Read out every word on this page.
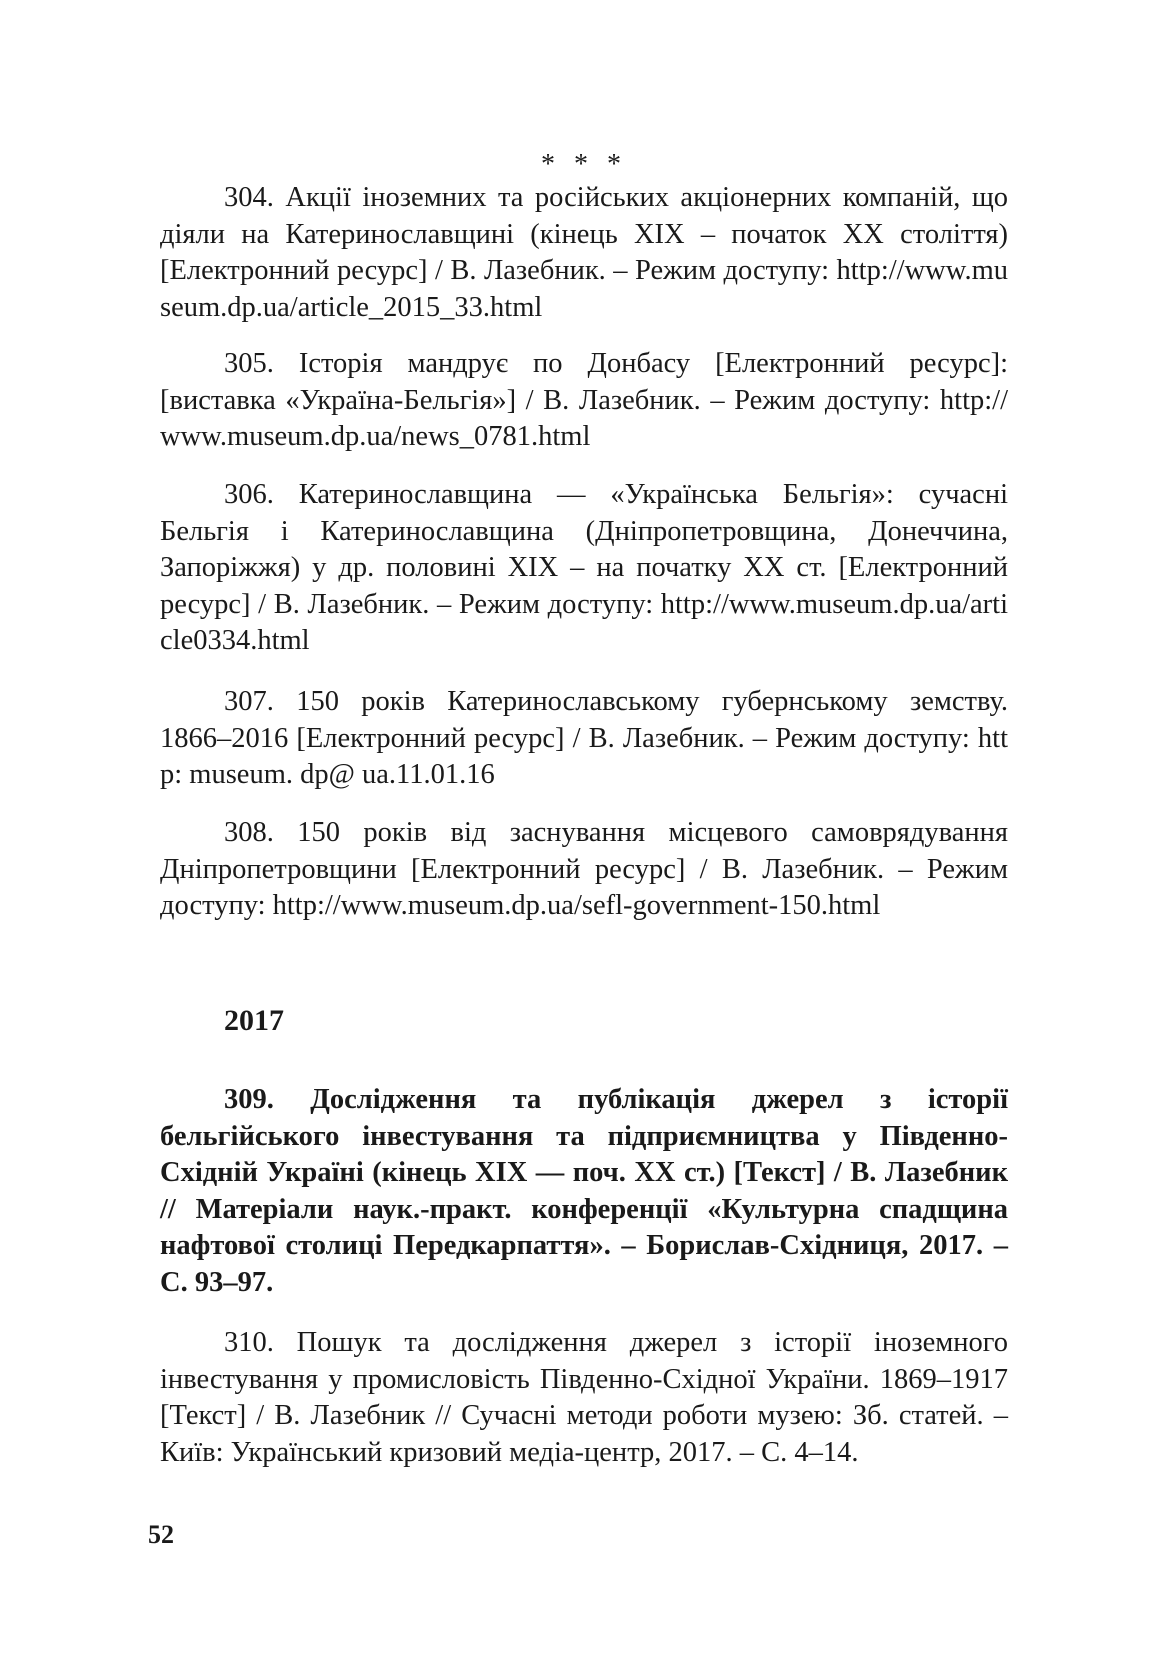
* * *

304. Акції іноземних та російських акціонерних компаній, що діяли на Катеринославщині (кінець ХІХ – початок ХХ століття) [Електронний ресурс] / В. Лазебник. – Режим доступу: http://www.museum.dp.ua/article_2015_33.html

305. Історія мандрує по Донбасу [Електронний ресурс]: [виставка «Україна-Бельгія»] / В. Лазебник. – Режим доступу: http://www.museum.dp.ua/news_0781.html

306. Катеринославщина — «Українська Бельгія»: сучасні Бельгія і Катеринославщина (Дніпропетровщина, Донеччина, Запоріжжя) у др. половині ХІХ – на початку ХХ ст. [Електронний ресурс] / В. Лазебник. – Режим доступу: http://www.museum.dp.ua/article0334.html

307. 150 років Катеринославському губернському земству. 1866–2016 [Електронний ресурс] / В. Лазебник. – Режим доступу: http: museum. dp@ ua.11.01.16

308. 150 років від заснування місцевого самоврядування Дніпропетровщини [Електронний ресурс] / В. Лазебник. – Режим доступу: http://www.museum.dp.ua/sefl-government-150.html

2017

309. Дослідження та публікація джерел з історії бельгійського інвестування та підприємництва у Південно-Східній Україні (кінець ХІХ — поч. ХХ ст.) [Текст] / В. Лазебник // Матеріали наук.-практ. конференції «Культурна спадщина нафтової столиці Передкарпаття». – Борислав-Східниця, 2017. – С. 93–97.

310. Пошук та дослідження джерел з історії іноземного інвестування у промисловість Південно-Східної України. 1869–1917 [Текст] / В. Лазебник // Сучасні методи роботи музею: Зб. статей. – Київ: Український кризовий медіа-центр, 2017. – С. 4–14.

52
